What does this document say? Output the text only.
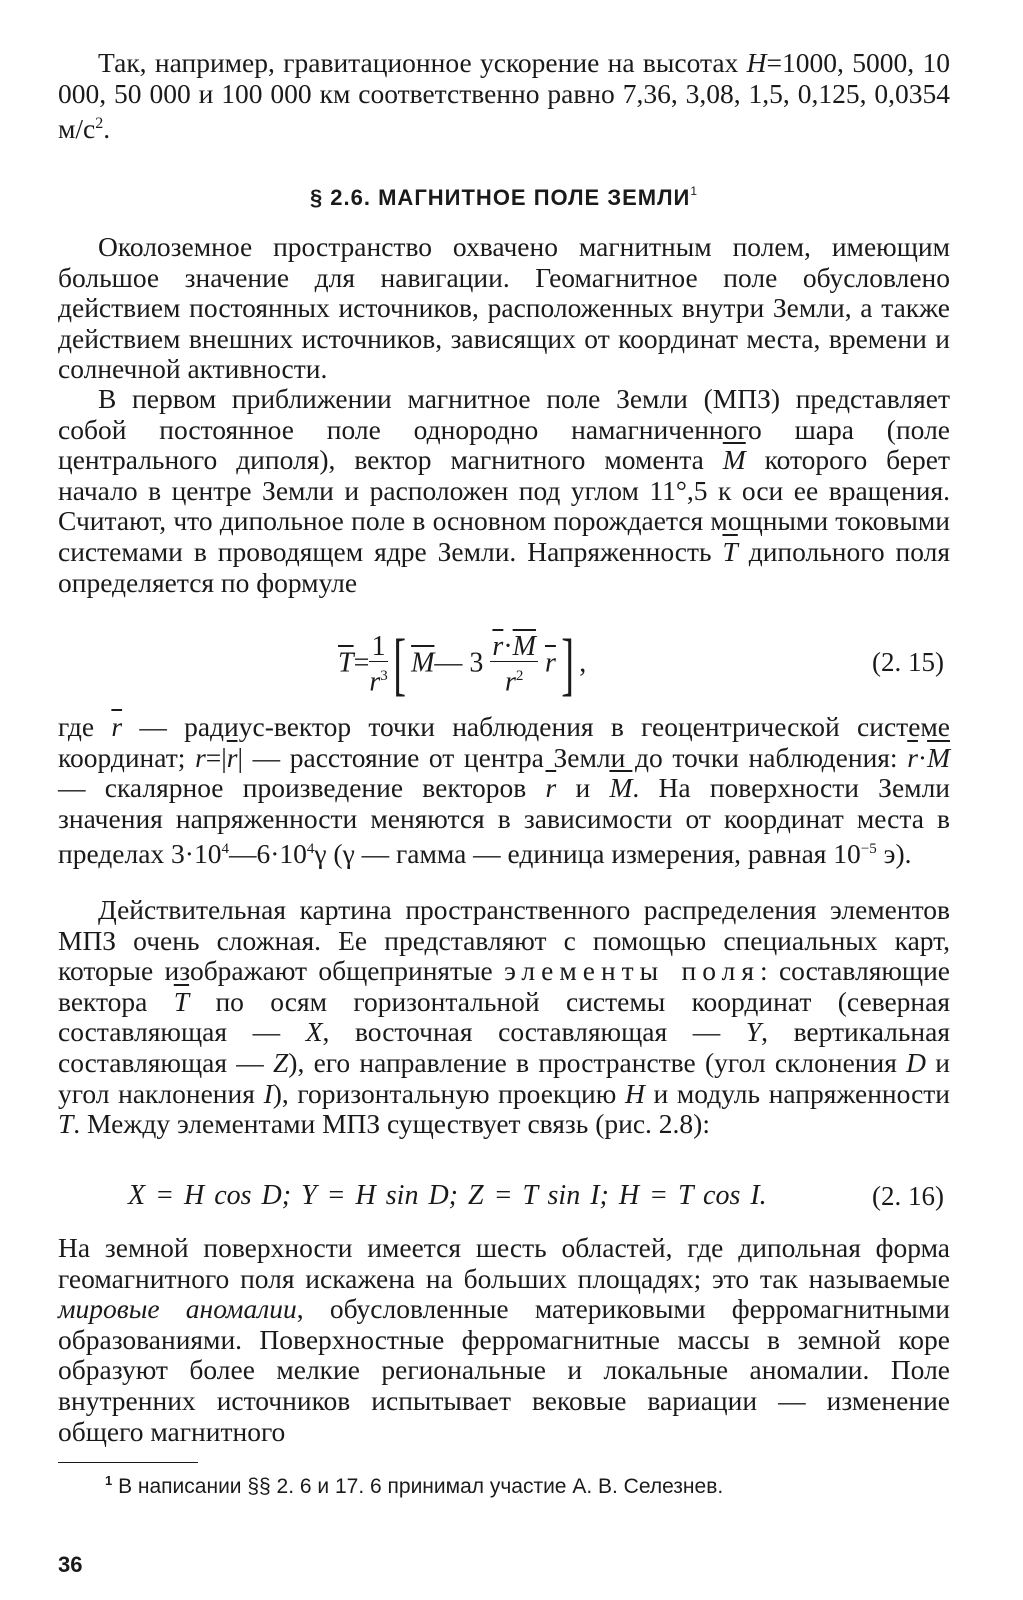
Так, например, гравитационное ускорение на высотах H=1000, 5000, 10 000, 50 000 и 100 000 км соответственно равно 7,36, 3,08, 1,5, 0,125, 0,0354 $м/с^2$.

§ 2.6. МАГНИТНОЕ ПОЛЕ ЗЕМЛИ$^1$

Околоземное пространство охвачено магнитным полем, имеющим большое значение для навигации. Геомагнитное поле обусловлено действием постоянных источников, расположенных внутри Земли, а также действием внешних источников, зависящих от координат места, времени и солнечной активности.

В первом приближении магнитное поле Земли (МПЗ) представляет собой постоянное поле однородно намагниченного шара (поле центрального диполя), вектор магнитного момента $\overline{M}$ которого берет начало в центре Земли и расположен под углом 11°,5 к оси ее вращения. Считают, что дипольное поле в основном порождается мощными токовыми системами в проводящем ядре Земли. Напряженность $\overline{T}$ дипольного поля определяется по формуле

$\overline{T}= \frac{1}{r^3}$ [ $\overline{M}—$ $3 \frac{\overline{r}\cdot\overline{M}}{r^2} \overline{r}$] ,	(2. 15)

где $\overline{r}$ — радиус-вектор точки наблюдения в геоцентрической системе координат; $r=|\overline{r}|$ — расстояние от центра Земли до точки наблюдения: $\overline{r}\cdot\overline{M}$ — скалярное произведение векторов $\overline{r}$ и $\overline{M}$. На поверхности Земли значения напряженности меняются в зависимости от координат места в пределах $3\cdot 10^4—6\cdot 10^4\gamma$ (γ — гамма — единица измерения, равная $10^{-5}$ э).

Действительная картина пространственного распределения элементов МПЗ очень сложная. Ее представляют с помощью специальных карт, которые изображают общепринятые элементы поля: составляющие вектора $\overline{T}$ по осям горизонтальной системы координат (северная составляющая — X, восточная составляющая — Y, вертикальная составляющая — Z), его направление в пространстве (угол склонения D и угол наклонения I), горизонтальную проекцию H и модуль напряженности T. Между элементами МПЗ существует связь (рис. 2.8):

X = H cos D; Y = H sin D; Z = T sin I; H = T cos I.	(2. 16)

На земной поверхности имеется шесть областей, где дипольная форма геомагнитного поля искажена на больших площадях; это так называемые мировые аномалии, обусловленные материковыми ферромагнитными образованиями. Поверхностные ферромагнитные массы в земной коре образуют более мелкие региональные и локальные аномалии. Поле внутренних источников испытывает вековые вариации — изменение общего магнитного

$^1$ В написании §§ 2. 6 и 17. 6 принимал участие А. В. Селезнев.
36
